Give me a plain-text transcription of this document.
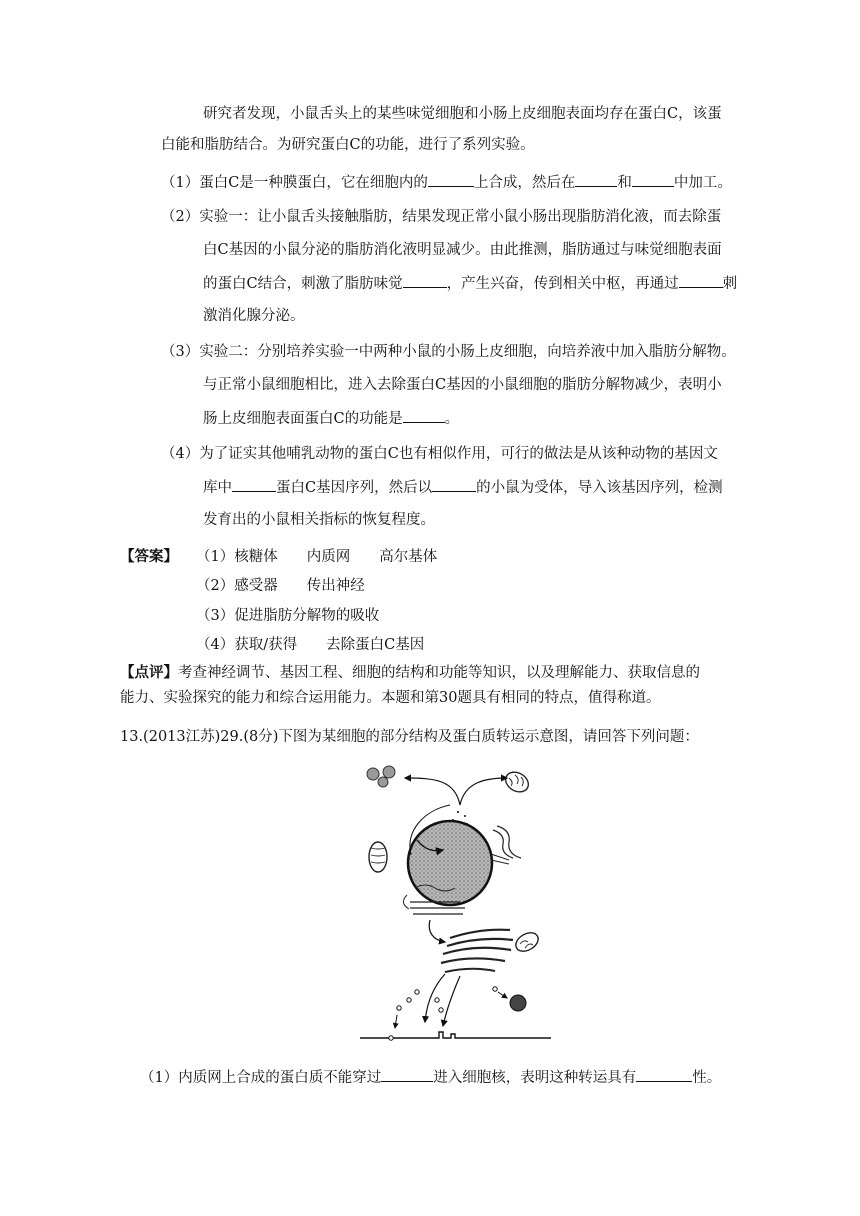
研究者发现，小鼠舌头上的某些味觉细胞和小肠上皮细胞表面均存在蛋白C，该蛋
白能和脂肪结合。为研究蛋白C的功能，进行了系列实验。
（1）蛋白C是一种膜蛋白，它在细胞内的	上合成，然后在	和	中加工。
（2）实验一：让小鼠舌头接触脂肪，结果发现正常小鼠小肠出现脂肪消化液，而去除蛋
白C基因的小鼠分泌的脂肪消化液明显减少。由此推测，脂肪通过与味觉细胞表面
的蛋白C结合，刺激了脂肪味觉	，产生兴奋，传到相关中枢，再通过	刺
激消化腺分泌。
（3）实验二：分别培养实验一中两种小鼠的小肠上皮细胞，向培养液中加入脂肪分解物。
与正常小鼠细胞相比，进入去除蛋白C基因的小鼠细胞的脂肪分解物减少，表明小
肠上皮细胞表面蛋白C的功能是	。
（4）为了证实其他哺乳动物的蛋白C也有相似作用，可行的做法是从该种动物的基因文
库中	蛋白C基因序列，然后以	的小鼠为受体，导入该基因序列，检测
发育出的小鼠相关指标的恢复程度。
【答案】 （1）核糖体　　内质网　　高尔基体
（2）感受器　　传出神经
（3）促进脂肪分解物的吸收
（4）获取/获得　　去除蛋白C基因
【点评】考查神经调节、基因工程、细胞的结构和功能等知识，以及理解能力、获取信息的
能力、实验探究的能力和综合运用能力。本题和第30题具有相同的特点，值得称道。
13.(2013江苏)29.(8分)下图为某细胞的部分结构及蛋白质转运示意图，请回答下列问题：
（1）内质网上合成的蛋白质不能穿过	进入细胞核，表明这种转运具有	性。
